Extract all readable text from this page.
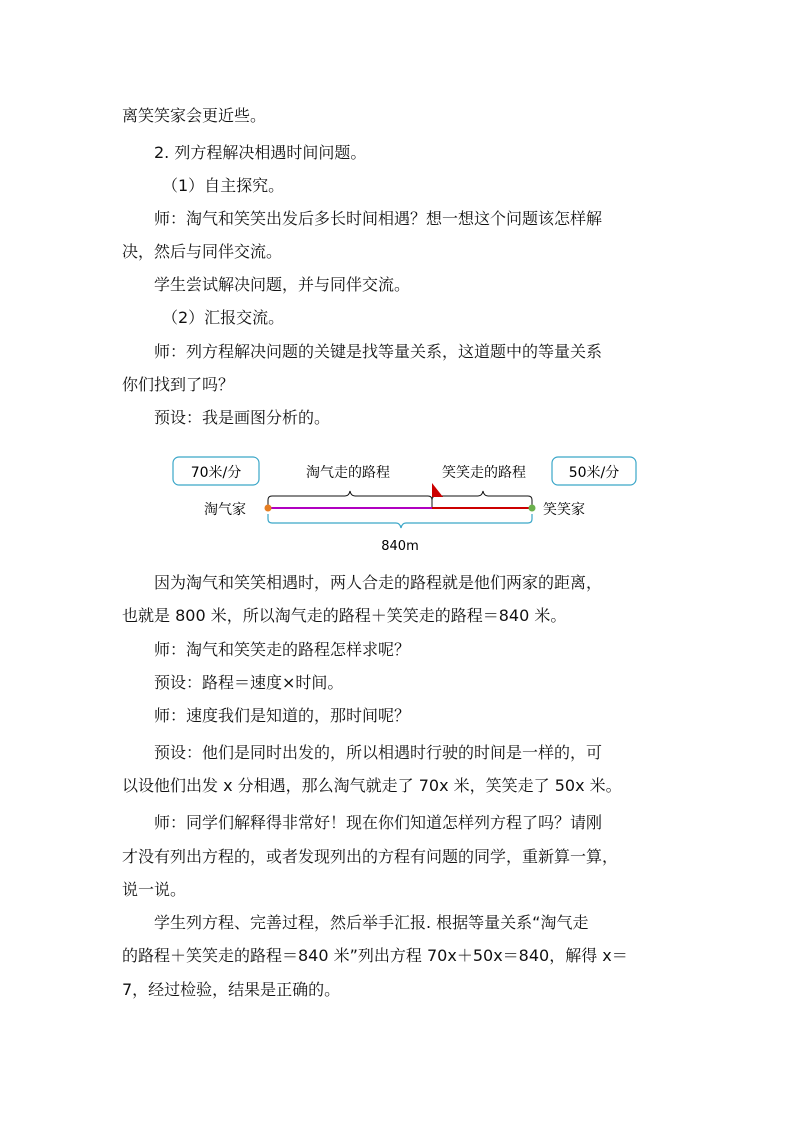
离笑笑家会更近些。
2. 列方程解决相遇时间问题。
（1）自主探究。
师：淘气和笑笑出发后多长时间相遇？想一想这个问题该怎样解
决，然后与同伴交流。
学生尝试解决问题，并与同伴交流。
（2）汇报交流。
师：列方程解决问题的关键是找等量关系，这道题中的等量关系
你们找到了吗？
预设：我是画图分析的。
70米/分	50米/分
淘气走的路程	笑笑走的路程
淘气家	笑笑家
840m
因为淘气和笑笑相遇时，两人合走的路程就是他们两家的距离，
也就是 800 米，所以淘气走的路程＋笑笑走的路程＝840 米。
师：淘气和笑笑走的路程怎样求呢？
预设：路程＝速度×时间。
师：速度我们是知道的，那时间呢？
预设：他们是同时出发的，所以相遇时行驶的时间是一样的，可
以设他们出发 x 分相遇，那么淘气就走了 70x 米，笑笑走了 50x 米。
师：同学们解释得非常好！现在你们知道怎样列方程了吗？请刚
才没有列出方程的，或者发现列出的方程有问题的同学，重新算一算，
说一说。
学生列方程、完善过程，然后举手汇报. 根据等量关系“淘气走
的路程＋笑笑走的路程＝840 米”列出方程 70x＋50x＝840，解得 x＝
7，经过检验，结果是正确的。
